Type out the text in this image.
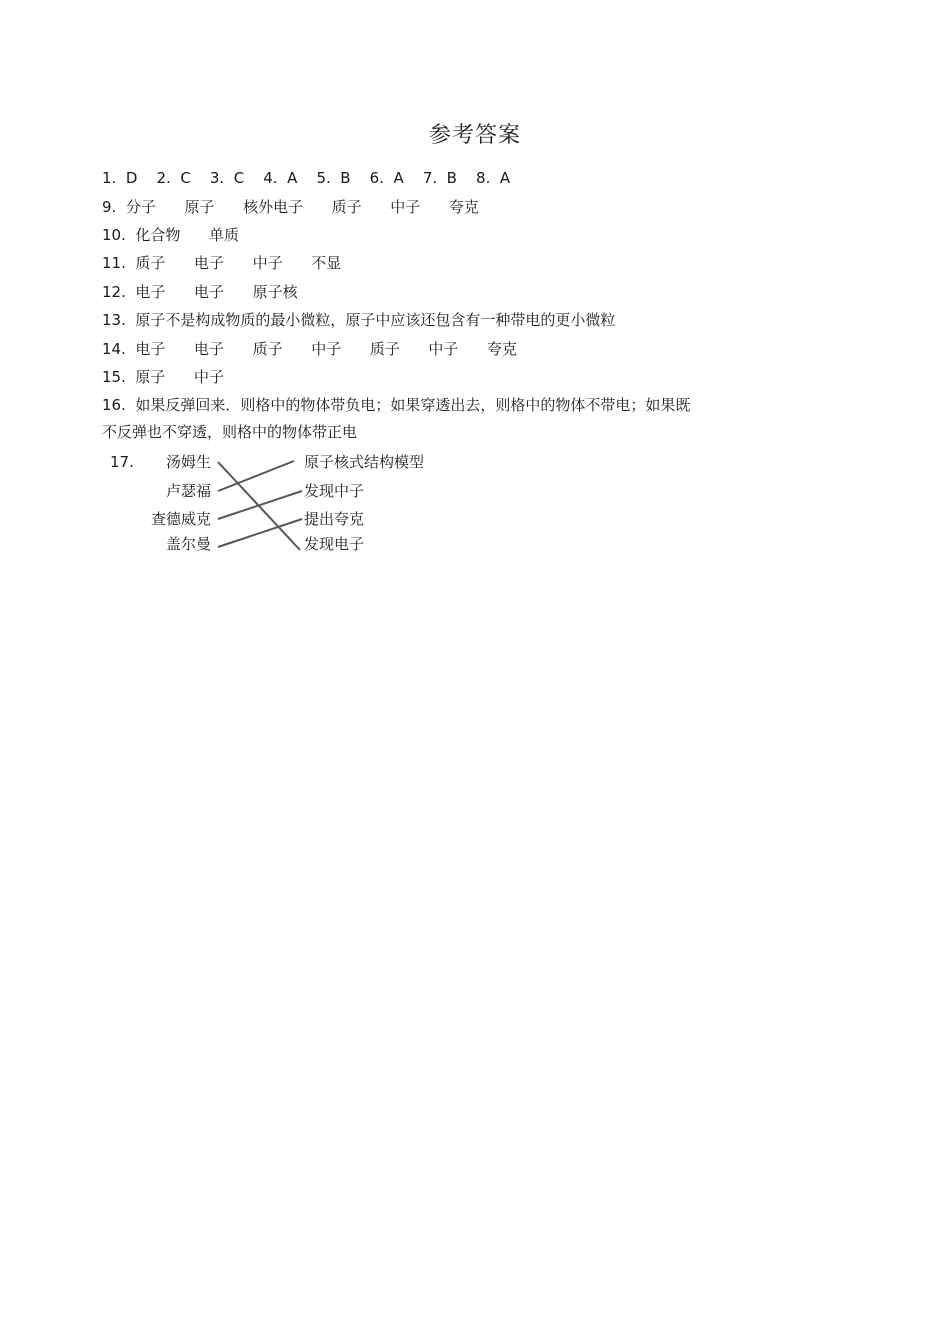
参考答案
1.  D    2.  C    3.  C    4.  A    5.  B    6.  A    7.  B    8.  A
9.  分子      原子      核外电子      质子      中子      夸克
10.  化合物      单质
11.  质子      电子      中子      不显
12.  电子      电子      原子核
13.  原子不是构成物质的最小微粒，原子中应该还包含有一种带电的更小微粒
14.  电子      电子      质子      中子      质子      中子      夸克
15.  原子      中子
16.  如果反弹回来．则格中的物体带负电；如果穿透出去，则格中的物体不带电；如果既
不反弹也不穿透，则格中的物体带正电
17. 汤姆生
卢瑟福
查德威克
盖尔曼
原子核式结构模型
发现中子
提出夸克
发现电子
